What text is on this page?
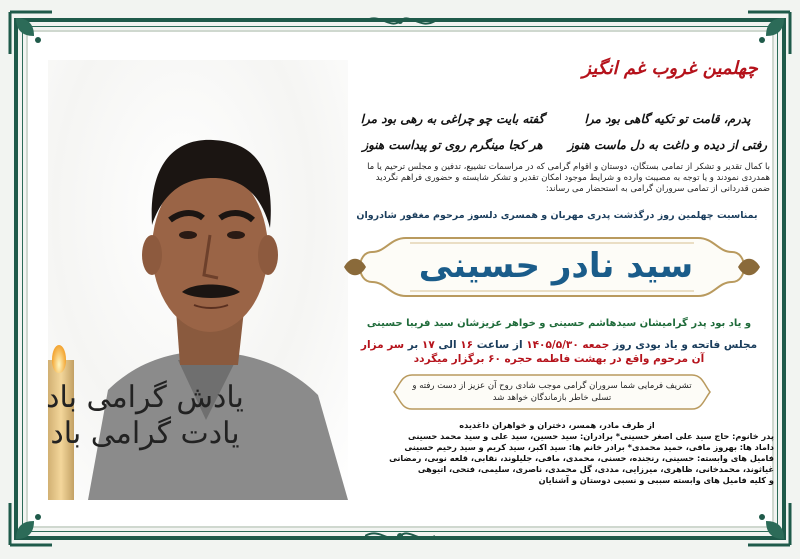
یادش گرامی باد
یادت گرامی باد
چهلمین غروب غم انگیز
پدرم، قامت تو تکیه گاهی بود مرا
گفته بایت چو چراغی به رهی بود مرا
رفتی از دیده و داغت به دل ماست هنوز
هر کجا مینگرم روی تو پیداست هنوز
با کمال تقدیر و تشکر از تمامی بستگان، دوستان و اقوام گرامی که در مراسمات تشییع، تدفین و مجلس ترحیم یا ما
همدردی نمودند و یا توجه به مصیبت وارده و شرایط موجود امکان تقدیر و تشکر شایسته و حضوری فراهم نگردید
ضمن قدردانی از تمامی سروران گرامی به استحضار می رساند:
بمناسبت چهلمین روز درگذشت پدری مهربان و همسری دلسوز مرحوم مغفور شادروان
سید نادر حسینی
و یاد بود پدر گرامیشان سیدهاشم حسینی و خواهر عزیزشان سید فریبا حسینی
مجلس فاتحه و یاد بودی روز جمعه ۱۴۰۵/۵/۳۰ از ساعت ۱۶ الی ۱۷ بر سر مزار
آن مرحوم واقع در بهشت فاطمه حجره ۶۰ برگزار میگردد
تشریف فرمایی شما سروران گرامی موجب شادی روح آن عزیز از دست رفته و
تسلی خاطر بازماندگان خواهد شد
از طرف مادر، همسر، دختران و خواهران داغدیده
پدر خانوم: حاج سید علی اصغر حسینی* برادران: سید حسین، سید علی و سید محمد حسینی
داماد ها: بهروز مافی، حمید محمدی* برادر خانم ها: سید اکبر، سید کریم و سید رحیم حسینی
فامیل های وابسته: حسینی، رنجنده، حسنی، محمدی، مافی، جلیلوند، نقابی، قلعه نوبی، رمضانی
غیاثوند، محمدخانی، ظاهری، میرزایی، مددی، گل محمدی، ناصری، سلیمی، فتحی، اتیوهی
و کلیه فامیل های وابسته سببی و نسبی دوستان و آشنایان
